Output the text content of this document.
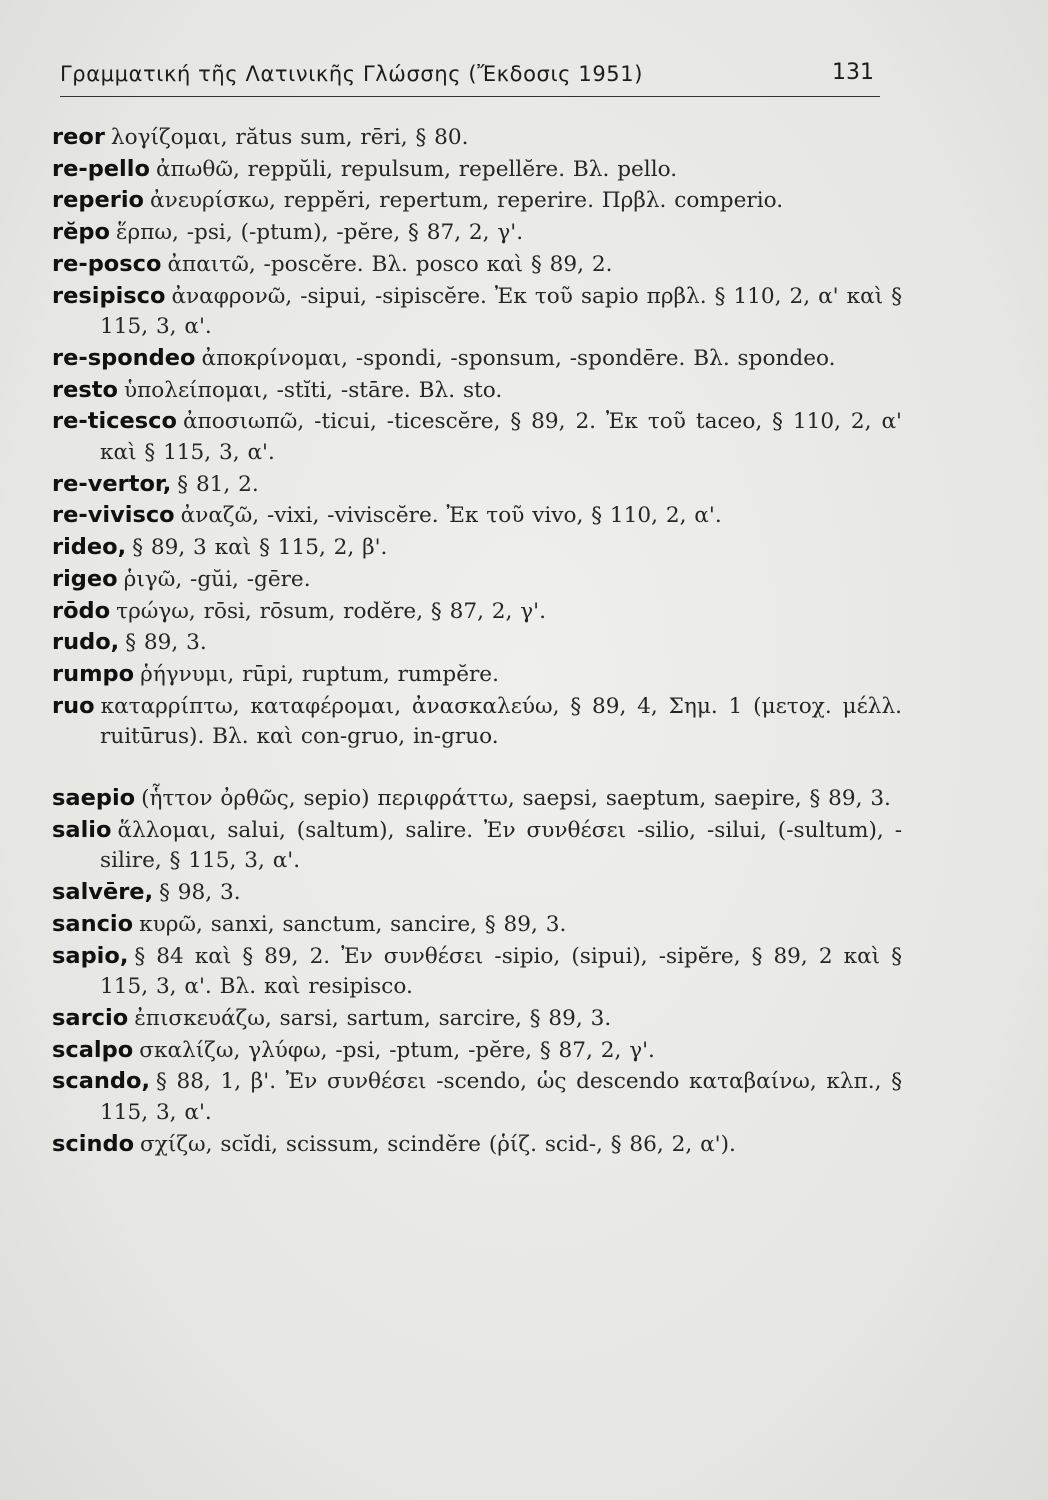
Γραμματική τῆς Λατινικῆς Γλώσσης (Ἔκδοσις 1951)	131

reor λογίζομαι, rătus sum, rēri, § 80.

re-pello ἀπωθῶ, reppŭli, repulsum, repellĕre. Βλ. pello.

reperio ἀνευρίσκω, reppĕri, repertum, reperire. Πρβλ. comperio.

rĕpo ἕρπω, -psi, (-ptum), -pĕre, § 87, 2, γ'.

re-posco ἀπαιτῶ, -poscĕre. Βλ. posco καὶ § 89, 2.

resipisco ἀναφρονῶ, -sipui, -sipiscĕre. Ἐκ τοῦ sapio πρβλ. § 110, 2, α' καὶ § 115, 3, α'.

re-spondeo ἀποκρίνομαι, -spondi, -sponsum, -spondēre. Βλ. spondeo.

resto ὑπολείπομαι, -stĭti, -stāre. Βλ. sto.

re-ticesco ἀποσιωπῶ, -ticui, -ticescĕre, § 89, 2. Ἐκ τοῦ taceo, § 110, 2, α' καὶ § 115, 3, α'.

re-vertor, § 81, 2.

re-vivisco ἀναζῶ, -vixi, -viviscĕre. Ἐκ τοῦ vivo, § 110, 2, α'.

rideo, § 89, 3 καὶ § 115, 2, β'.

rigeo ῥιγῶ, -gŭi, -gēre.

rōdo τρώγω, rōsi, rōsum, rodĕre, § 87, 2, γ'.

rudo, § 89, 3.

rumpo ῥήγνυμι, rūpi, ruptum, rumpĕre.

ruo καταρρίπτω, καταφέρομαι, ἀνασκαλεύω, § 89, 4, Σημ. 1 (μετοχ. μέλλ. ruitūrus). Βλ. καὶ con-gruo, in-gruo.

saepio (ἧττον ὀρθῶς, sepio) περιφράττω, saepsi, saeptum, saepire, § 89, 3.

salio ἅλλομαι, salui, (saltum), salire. Ἐν συνθέσει -silio, -silui, (-sultum), -silire, § 115, 3, α'.

salvēre, § 98, 3.

sancio κυρῶ, sanxi, sanctum, sancire, § 89, 3.

sapio, § 84 καὶ § 89, 2. Ἐν συνθέσει -sipio, (sipui), -sipĕre, § 89, 2 καὶ § 115, 3, α'. Βλ. καὶ resipisco.

sarcio ἐπισκευάζω, sarsi, sartum, sarcire, § 89, 3.

scalpo σκαλίζω, γλύφω, -psi, -ptum, -pĕre, § 87, 2, γ'.

scando, § 88, 1, β'. Ἐν συνθέσει -scendo, ὡς descendo καταβαίνω, κλπ., § 115, 3, α'.

scindo σχίζω, scĭdi, scissum, scindĕre (ῥίζ. scid-, § 86, 2, α').
